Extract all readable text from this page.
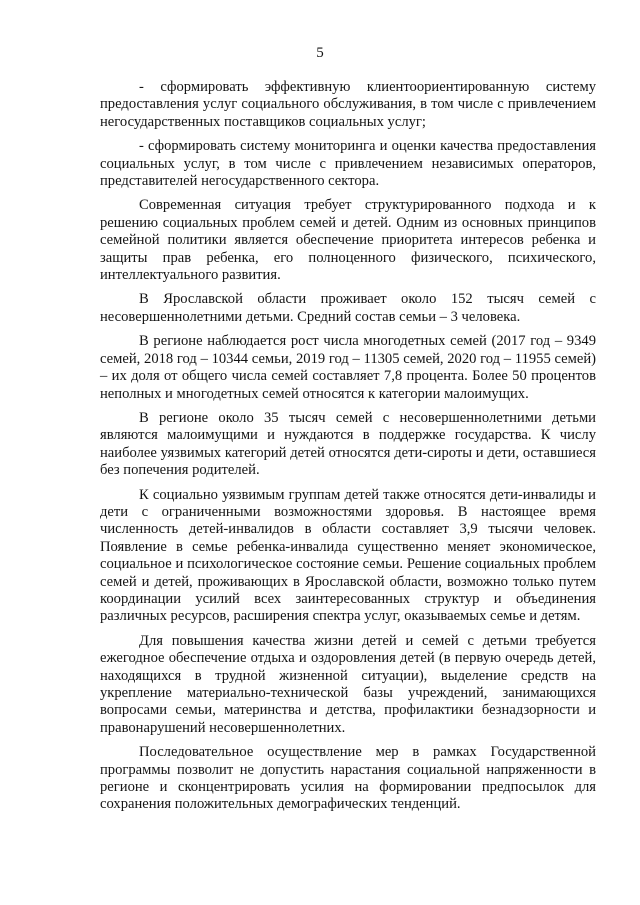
5

- сформировать эффективную клиентоориентированную систему предоставления услуг социального обслуживания, в том числе с привлечением негосударственных поставщиков социальных услуг;

- сформировать систему мониторинга и оценки качества предоставления социальных услуг, в том числе с привлечением независимых операторов, представителей негосударственного сектора.

Современная ситуация требует структурированного подхода и к решению социальных проблем семей и детей. Одним из основных принципов семейной политики является обеспечение приоритета интересов ребенка и защиты прав ребенка, его полноценного физического, психического, интеллектуального развития.

В Ярославской области проживает около 152 тысяч семей с несовершеннолетними детьми. Средний состав семьи – 3 человека.

В регионе наблюдается рост числа многодетных семей (2017 год – 9349 семей, 2018 год – 10344 семьи, 2019 год – 11305 семей, 2020 год – 11955 семей) – их доля от общего числа семей составляет 7,8 процента. Более 50 процентов неполных и многодетных семей относятся к категории малоимущих.

В регионе около 35 тысяч семей с несовершеннолетними детьми являются малоимущими и нуждаются в поддержке государства. К числу наиболее уязвимых категорий детей относятся дети-сироты и дети, оставшиеся без попечения родителей.

К социально уязвимым группам детей также относятся дети-инвалиды и дети с ограниченными возможностями здоровья. В настоящее время численность детей-инвалидов в области составляет 3,9 тысячи человек. Появление в семье ребенка-инвалида существенно меняет экономическое, социальное и психологическое состояние семьи. Решение социальных проблем семей и детей, проживающих в Ярославской области, возможно только путем координации усилий всех заинтересованных структур и объединения различных ресурсов, расширения спектра услуг, оказываемых семье и детям.

Для повышения качества жизни детей и семей с детьми требуется ежегодное обеспечение отдыха и оздоровления детей (в первую очередь детей, находящихся в трудной жизненной ситуации), выделение средств на укрепление материально-технической базы учреждений, занимающихся вопросами семьи, материнства и детства, профилактики безнадзорности и правонарушений несовершеннолетних.

Последовательное осуществление мер в рамках Государственной программы позволит не допустить нарастания социальной напряженности в регионе и сконцентрировать усилия на формировании предпосылок для сохранения положительных демографических тенденций.
